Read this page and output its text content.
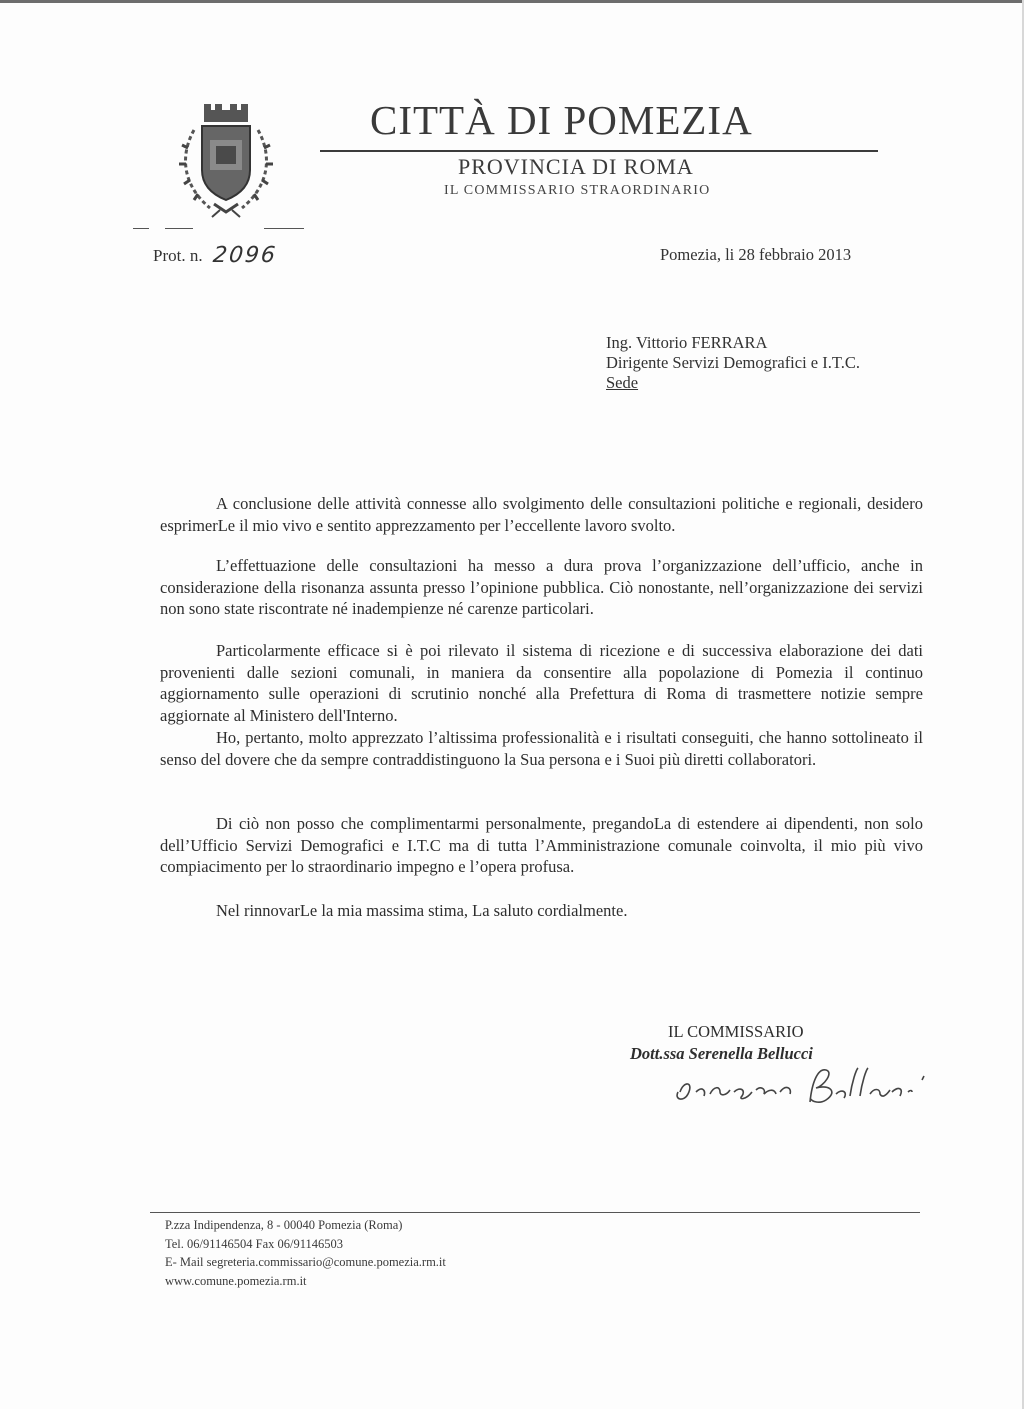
CITTÀ DI POMEZIA
PROVINCIA DI ROMA
IL COMMISSARIO STRAORDINARIO
Prot. n. 2096	Pomezia, li 28 febbraio 2013
Ing. Vittorio FERRARA
Dirigente Servizi Demografici e I.T.C.
Sede

A conclusione delle attività connesse allo svolgimento delle consultazioni politiche e regionali, desidero esprimerLe il mio vivo e sentito apprezzamento per l’eccellente lavoro svolto.

L’effettuazione delle consultazioni ha messo a dura prova l’organizzazione dell’ufficio, anche in considerazione della risonanza assunta presso l’opinione pubblica. Ciò nonostante, nell’organizzazione dei servizi non sono state riscontrate né inadempienze né carenze particolari.

Particolarmente efficace si è poi rilevato il sistema di ricezione e di successiva elaborazione dei dati provenienti dalle sezioni comunali, in maniera da consentire alla popolazione di Pomezia il continuo aggiornamento sulle operazioni di scrutinio nonché alla Prefettura di Roma di trasmettere notizie sempre aggiornate al Ministero dell'Interno.

Ho, pertanto, molto apprezzato l’altissima professionalità e i risultati conseguiti, che hanno sottolineato il senso del dovere che da sempre contraddistinguono la Sua persona e i Suoi più diretti collaboratori.

Di ciò non posso che complimentarmi personalmente, pregandoLa di estendere ai dipendenti, non solo dell’Ufficio Servizi Demografici e I.T.C ma di tutta l’Amministrazione comunale coinvolta, il mio più vivo compiacimento per lo straordinario impegno e l’opera profusa.

Nel rinnovarLe la mia massima stima, La saluto cordialmente.

IL COMMISSARIO
Dott.ssa Serenella Bellucci
P.zza Indipendenza, 8 - 00040 Pomezia (Roma)
Tel. 06/91146504 Fax 06/91146503
E- Mail segreteria.commissario@comune.pomezia.rm.it
www.comune.pomezia.rm.it
